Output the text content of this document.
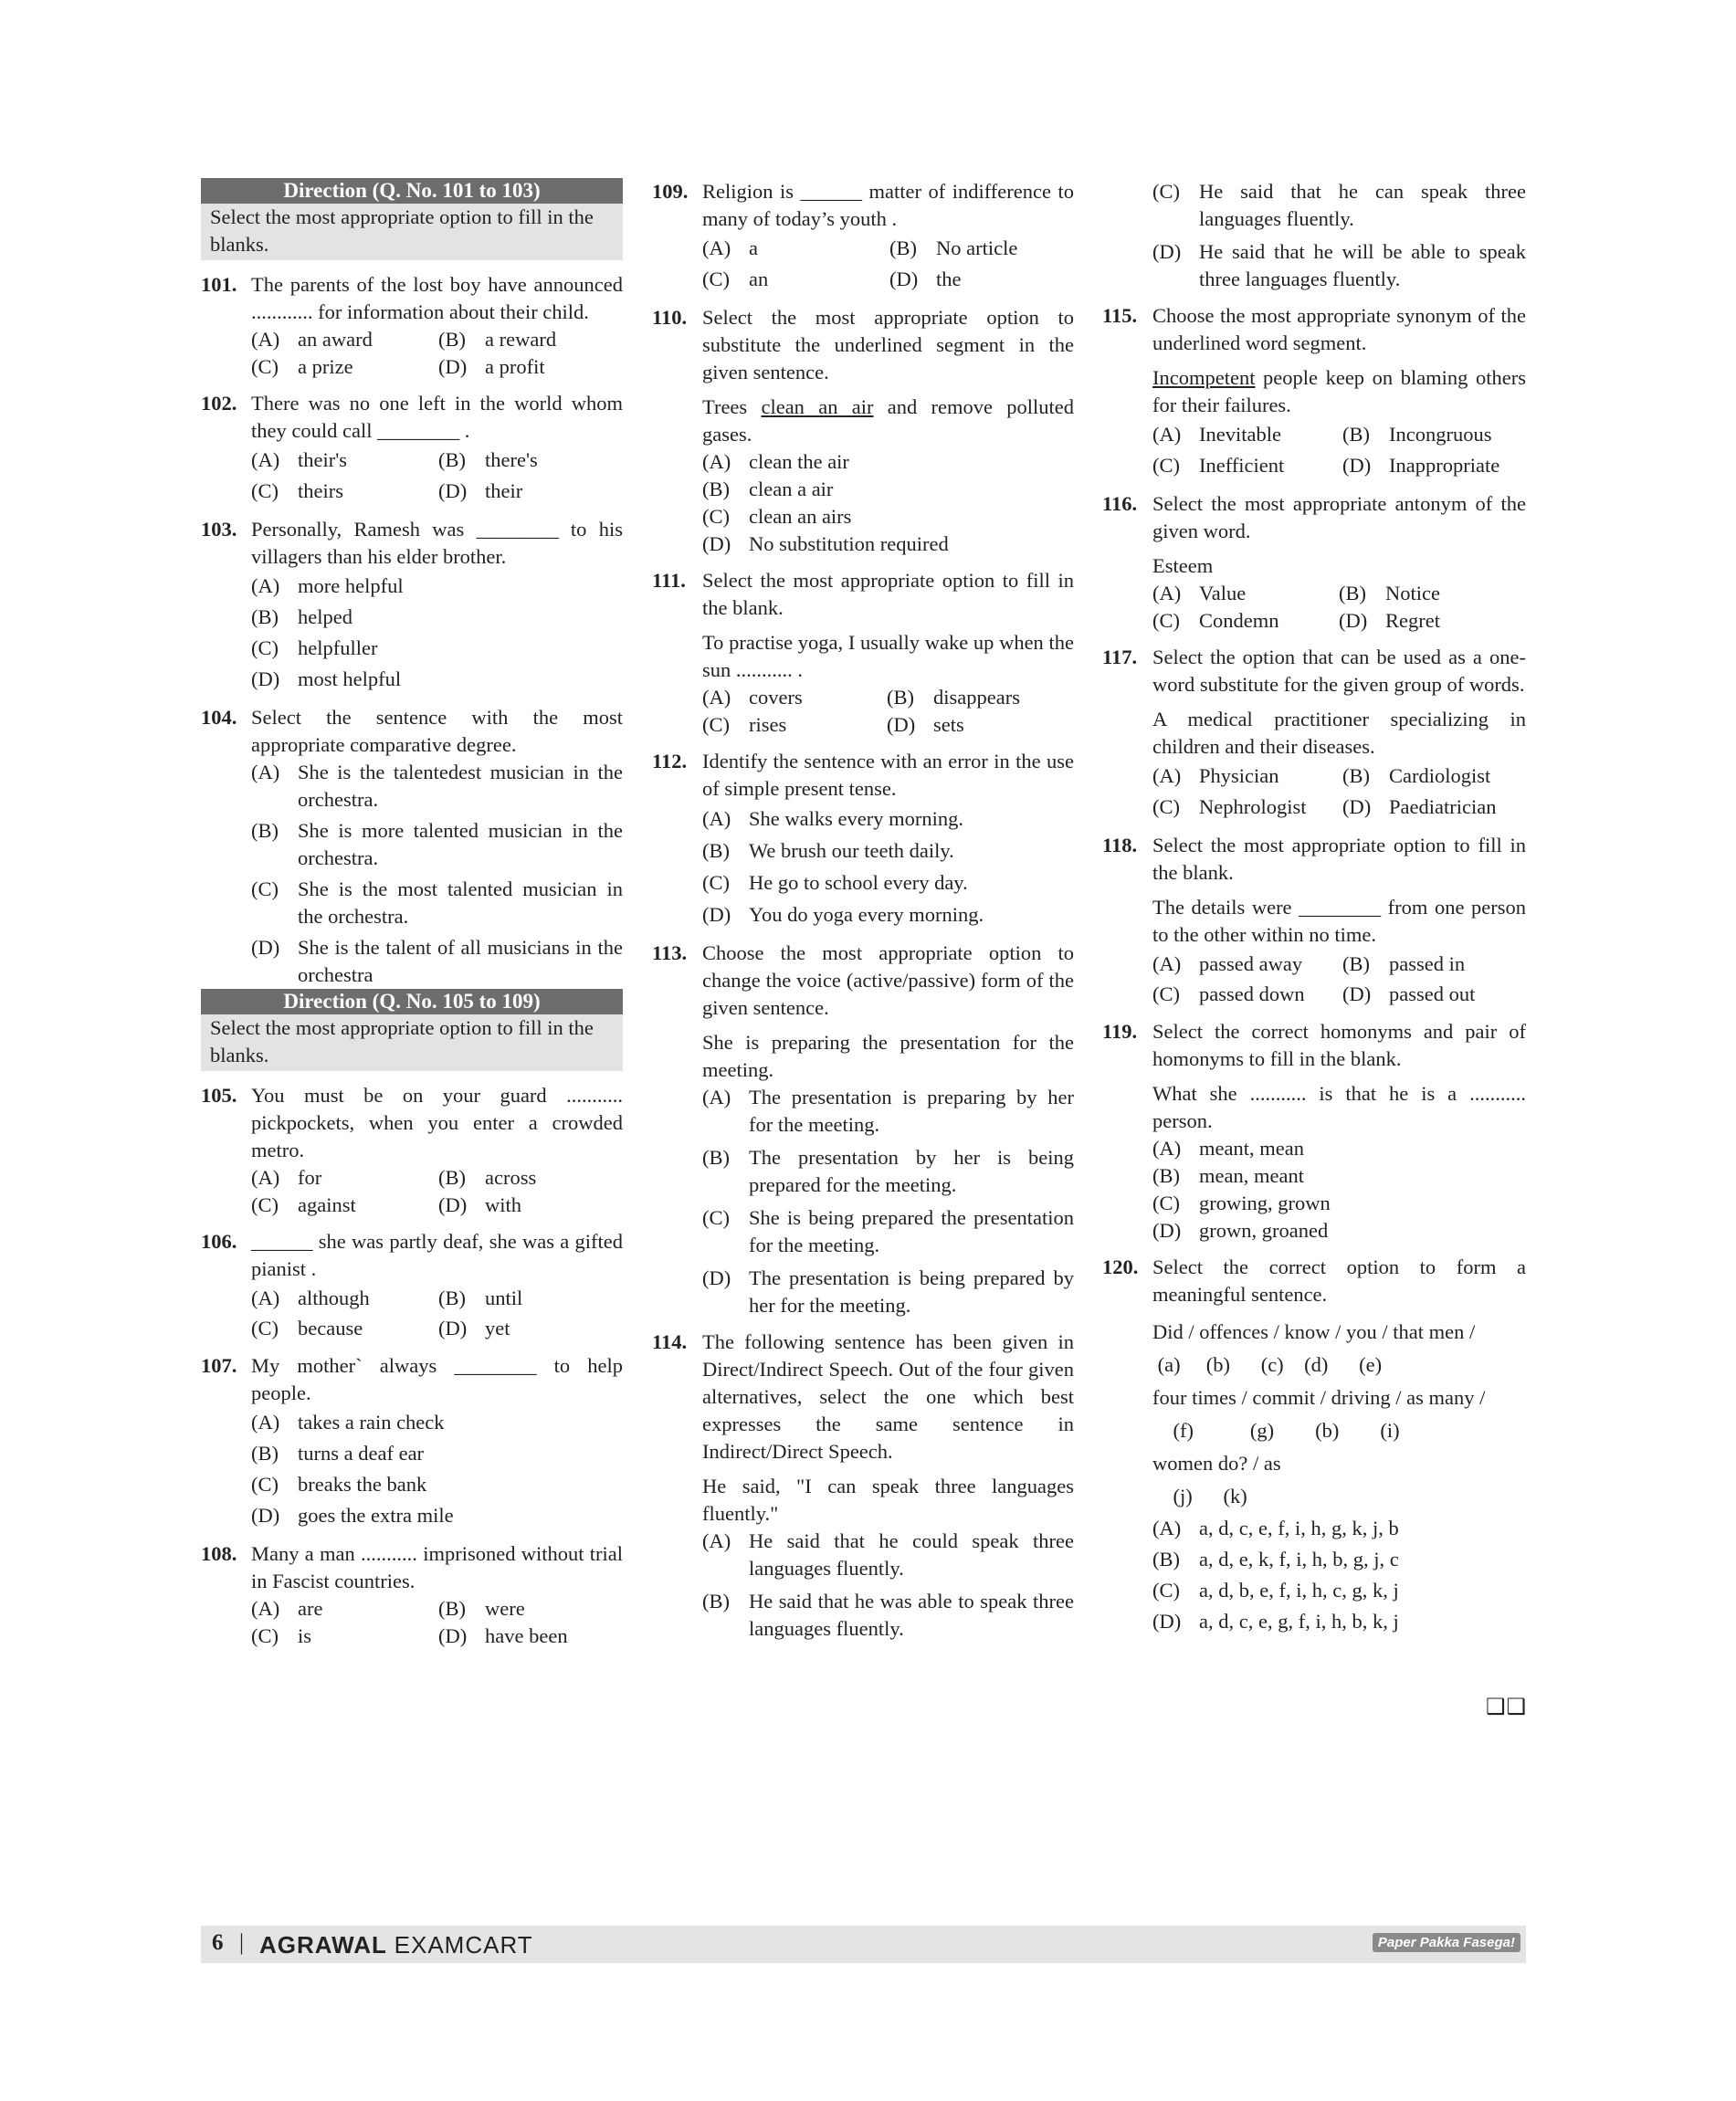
Direction (Q. No. 101 to 103)
Select the most appropriate option to fill in the blanks.
101. The parents of the lost boy have announced ............ for information about their child.
(A) an award	(B) a reward
(C) a prize	(D) a profit
102. There was no one left in the world whom they could call ________ .
(A) their's	(B) there's
(C) theirs	(D) their
103. Personally, Ramesh was ________ to his villagers than his elder brother.
(A) more helpful
(B) helped
(C) helpfuller
(D) most helpful
104. Select the sentence with the most appropriate comparative degree.
(A) She is the talentedest musician in the orchestra.
(B) She is more talented musician in the orchestra.
(C) She is the most talented musician in the orchestra.
(D) She is the talent of all musicians in the orchestra
Direction (Q. No. 105 to 109)
Select the most appropriate option to fill in the blanks.
105. You must be on your guard ........... pickpockets, when you enter a crowded metro.
(A) for	(B) across
(C) against	(D) with
106. ______ she was partly deaf, she was a gifted pianist .
(A) although	(B) until
(C) because	(D) yet
107. My mother` always ________ to help people.
(A) takes a rain check
(B) turns a deaf ear
(C) breaks the bank
(D) goes the extra mile
108. Many a man ........... imprisoned without trial in Fascist countries.
(A) are	(B) were
(C) is	(D) have been
109. Religion is ______ matter of indifference to many of today’s youth .
(A) a	(B) No article
(C) an	(D) the
110. Select the most appropriate option to substitute the underlined segment in the given sentence.
Trees clean an air and remove polluted gases.
(A) clean the air
(B) clean a air
(C) clean an airs
(D) No substitution required
111. Select the most appropriate option to fill in the blank.
To practise yoga, I usually wake up when the sun ........... .
(A) covers	(B) disappears
(C) rises	(D) sets
112. Identify the sentence with an error in the use of simple present tense.
(A) She walks every morning.
(B) We brush our teeth daily.
(C) He go to school every day.
(D) You do yoga every morning.
113. Choose the most appropriate option to change the voice (active/passive) form of the given sentence.
She is preparing the presentation for the meeting.
(A) The presentation is preparing by her for the meeting.
(B) The presentation by her is being prepared for the meeting.
(C) She is being prepared the presentation for the meeting.
(D) The presentation is being prepared by her for the meeting.
114. The following sentence has been given in Direct/Indirect Speech. Out of the four given alternatives, select the one which best expresses the same sentence in Indirect/Direct Speech.
He said, "I can speak three languages fluently."
(A) He said that he could speak three languages fluently.
(B) He said that he was able to speak three languages fluently.
(C) He said that he can speak three languages fluently.
(D) He said that he will be able to speak three languages fluently.
115. Choose the most appropriate synonym of the underlined word segment.
Incompetent people keep on blaming others for their failures.
(A) Inevitable	(B) Incongruous
(C) Inefficient	(D) Inappropriate
116. Select the most appropriate antonym of the given word.
Esteem
(A) Value	(B) Notice
(C) Condemn	(D) Regret
117. Select the option that can be used as a one-word substitute for the given group of words.
A medical practitioner specializing in children and their diseases.
(A) Physician	(B) Cardiologist
(C) Nephrologist	(D) Paediatrician
118. Select the most appropriate option to fill in the blank.
The details were ________ from one person to the other within no time.
(A) passed away	(B) passed in
(C) passed down	(D) passed out
119. Select the correct homonyms and pair of homonyms to fill in the blank.
What she ........... is that he is a ........... person.
(A) meant, mean
(B) mean, meant
(C) growing, grown
(D) grown, groaned
120. Select the correct option to form a meaningful sentence.
Did / offences / know / you / that men /
(a)     (b)      (c)    (d)      (e)
four times / commit / driving / as many /
(f)           (g)        (b)        (i)
women do? / as
(j)      (k)
(A) a, d, c, e, f, i, h, g, k, j, b
(B) a, d, e, k, f, i, h, b, g, j, c
(C) a, d, b, e, f, i, h, c, g, k, j
(D) a, d, c, e, g, f, i, h, b, k, j
❑❑
6 | AGRAWAL EXAMCART	Paper Pakka Fasega!
